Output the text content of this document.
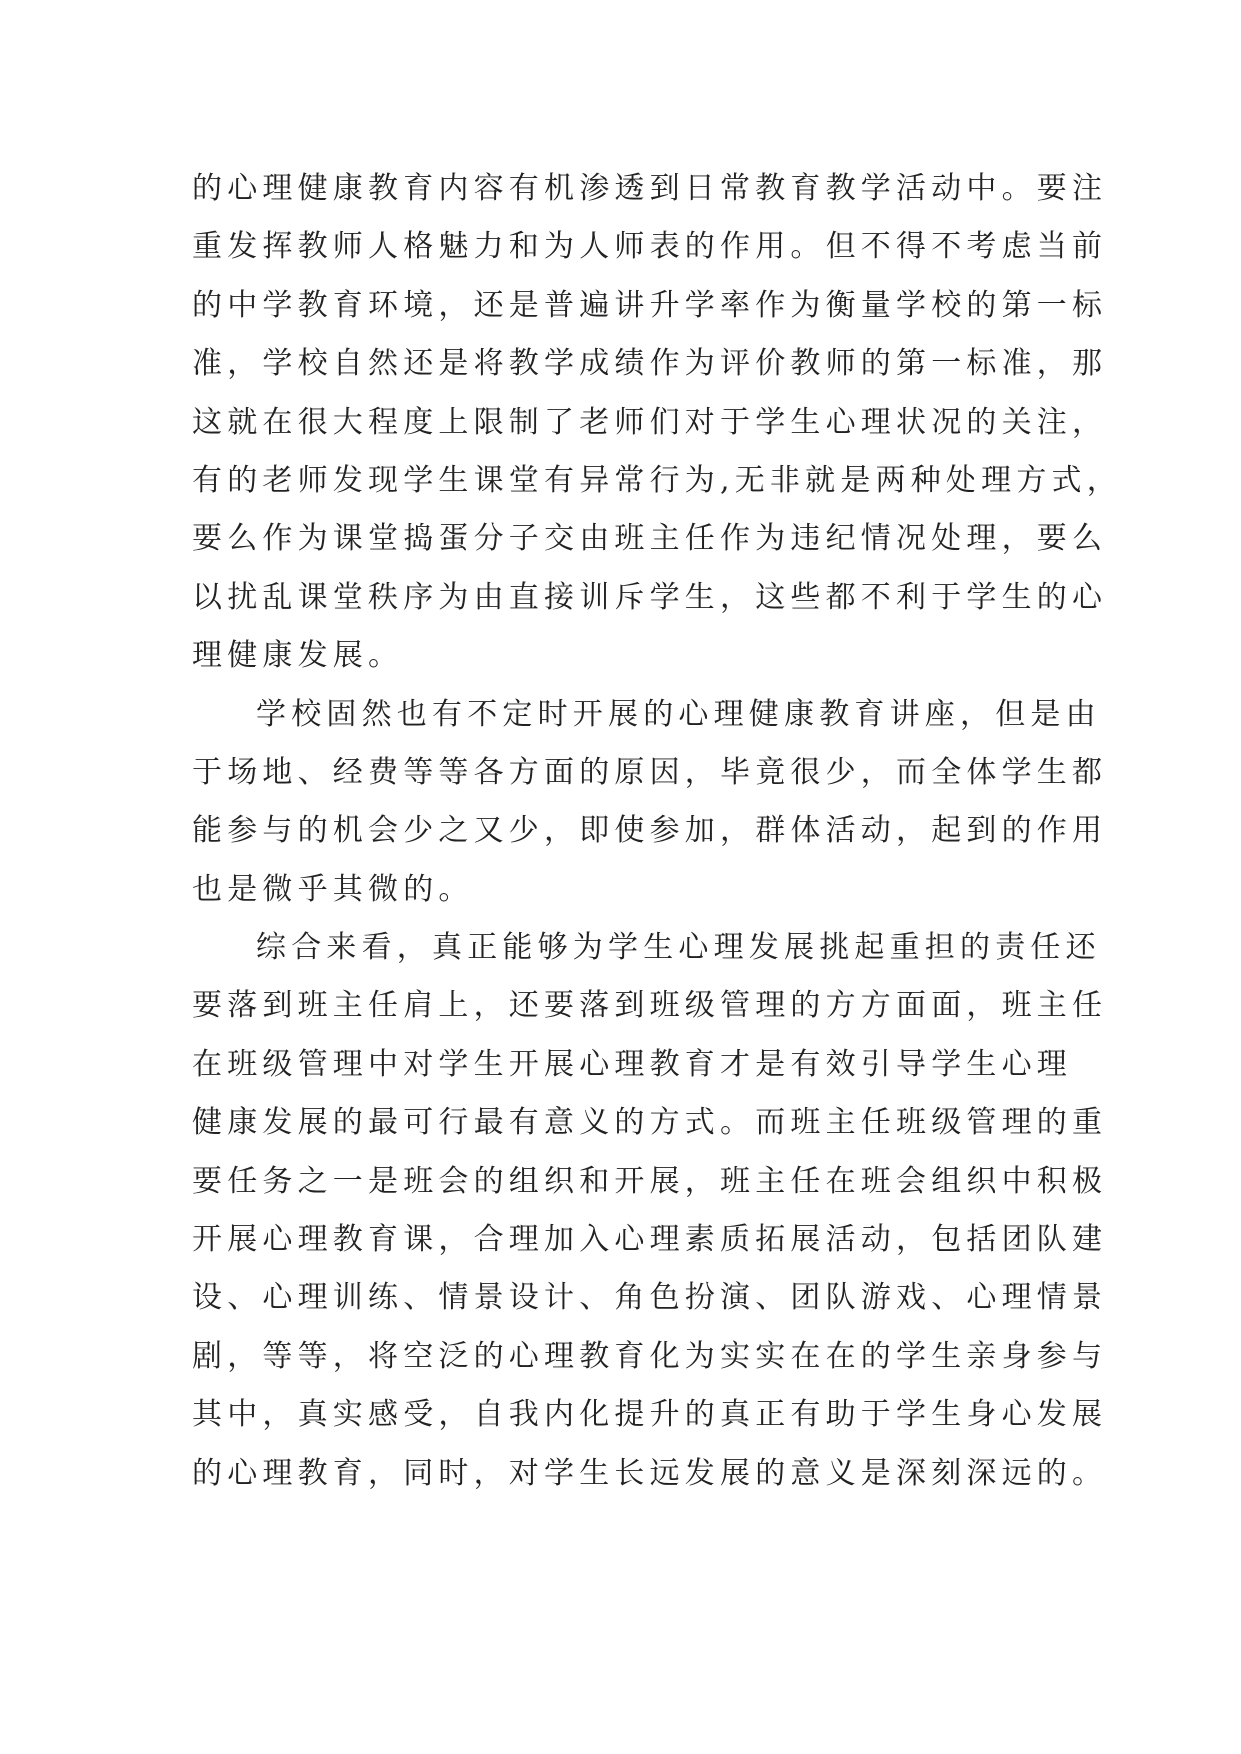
的心理健康教育内容有机渗透到日常教育教学活动中。要注

重发挥教师人格魅力和为人师表的作用。但不得不考虑当前

的中学教育环境，还是普遍讲升学率作为衡量学校的第一标

准，学校自然还是将教学成绩作为评价教师的第一标准，那

这就在很大程度上限制了老师们对于学生心理状况的关注，

有的老师发现学生课堂有异常行为,无非就是两种处理方式，

要么作为课堂捣蛋分子交由班主任作为违纪情况处理，要么

以扰乱课堂秩序为由直接训斥学生，这些都不利于学生的心

理健康发展。

学校固然也有不定时开展的心理健康教育讲座，但是由

于场地、经费等等各方面的原因，毕竟很少，而全体学生都

能参与的机会少之又少，即使参加，群体活动，起到的作用

也是微乎其微的。

综合来看，真正能够为学生心理发展挑起重担的责任还

要落到班主任肩上，还要落到班级管理的方方面面，班主任

在班级管理中对学生开展心理教育才是有效引导学生心理

健康发展的最可行最有意义的方式。而班主任班级管理的重

要任务之一是班会的组织和开展，班主任在班会组织中积极

开展心理教育课，合理加入心理素质拓展活动，包括团队建

设、心理训练、情景设计、角色扮演、团队游戏、心理情景

剧，等等，将空泛的心理教育化为实实在在的学生亲身参与

其中，真实感受，自我内化提升的真正有助于学生身心发展

的心理教育，同时，对学生长远发展的意义是深刻深远的。
